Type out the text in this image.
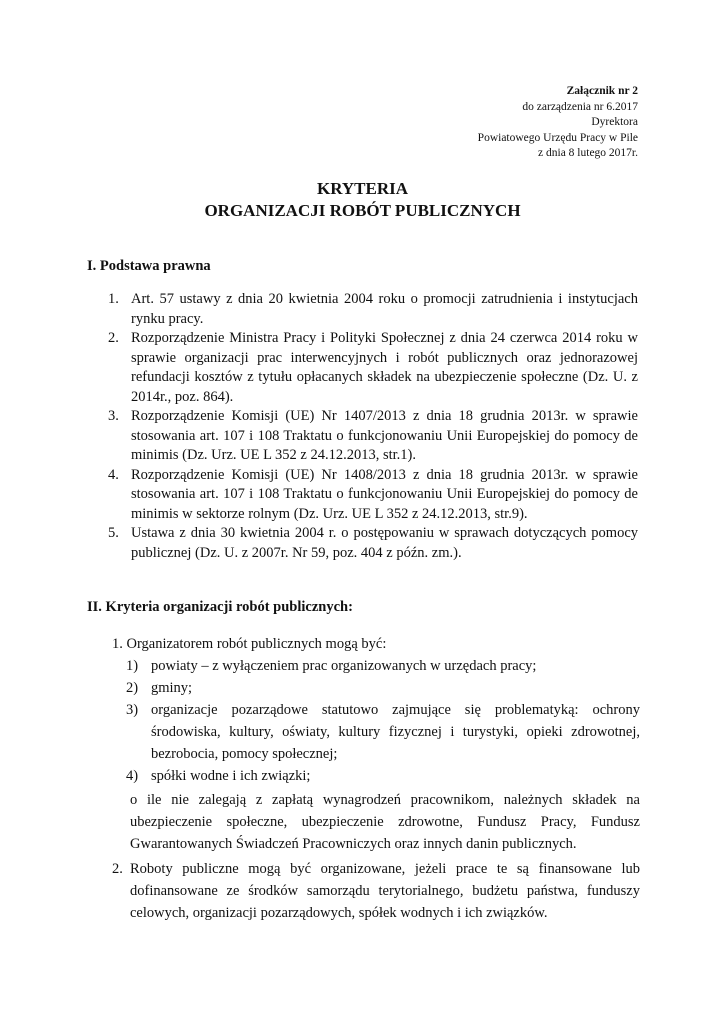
Załącznik nr 2
do zarządzenia nr 6.2017
Dyrektora
Powiatowego Urzędu Pracy w Pile
z dnia 8 lutego 2017r.
KRYTERIA
ORGANIZACJI ROBÓT PUBLICZNYCH
I. Podstawa prawna
1. Art. 57 ustawy z dnia 20 kwietnia 2004 roku o promocji zatrudnienia i instytucjach rynku pracy.
2. Rozporządzenie Ministra Pracy i Polityki Społecznej z dnia 24 czerwca 2014 roku w sprawie organizacji prac interwencyjnych i robót publicznych oraz jednorazowej refundacji kosztów z tytułu opłacanych składek na ubezpieczenie społeczne (Dz. U. z 2014r., poz. 864).
3. Rozporządzenie Komisji (UE) Nr 1407/2013 z dnia 18 grudnia 2013r. w sprawie stosowania art. 107 i 108 Traktatu o funkcjonowaniu Unii Europejskiej do pomocy de minimis (Dz. Urz. UE L 352 z 24.12.2013, str.1).
4. Rozporządzenie Komisji (UE) Nr 1408/2013 z dnia 18 grudnia 2013r. w sprawie stosowania art. 107 i 108 Traktatu o funkcjonowaniu Unii Europejskiej do pomocy de minimis w sektorze rolnym (Dz. Urz. UE L 352 z 24.12.2013, str.9).
5. Ustawa z dnia 30 kwietnia 2004 r. o postępowaniu w sprawach dotyczących pomocy publicznej (Dz. U. z 2007r. Nr 59, poz. 404 z późn. zm.).
II. Kryteria organizacji robót publicznych:
1. Organizatorem robót publicznych mogą być:
1) powiaty – z wyłączeniem prac organizowanych w urzędach pracy;
2) gminy;
3) organizacje pozarządowe statutowo zajmujące się problematyką: ochrony środowiska, kultury, oświaty, kultury fizycznej i turystyki, opieki zdrowotnej, bezrobocia, pomocy społecznej;
4) spółki wodne i ich związki;
o ile nie zalegają z zapłatą wynagrodzeń pracownikom, należnych składek na ubezpieczenie społeczne, ubezpieczenie zdrowotne, Fundusz Pracy, Fundusz Gwarantowanych Świadczeń Pracowniczych oraz innych danin publicznych.
2. Roboty publiczne mogą być organizowane, jeżeli prace te są finansowane lub dofinansowane ze środków samorządu terytorialnego, budżetu państwa, funduszy celowych, organizacji pozarządowych, spółek wodnych i ich związków.
